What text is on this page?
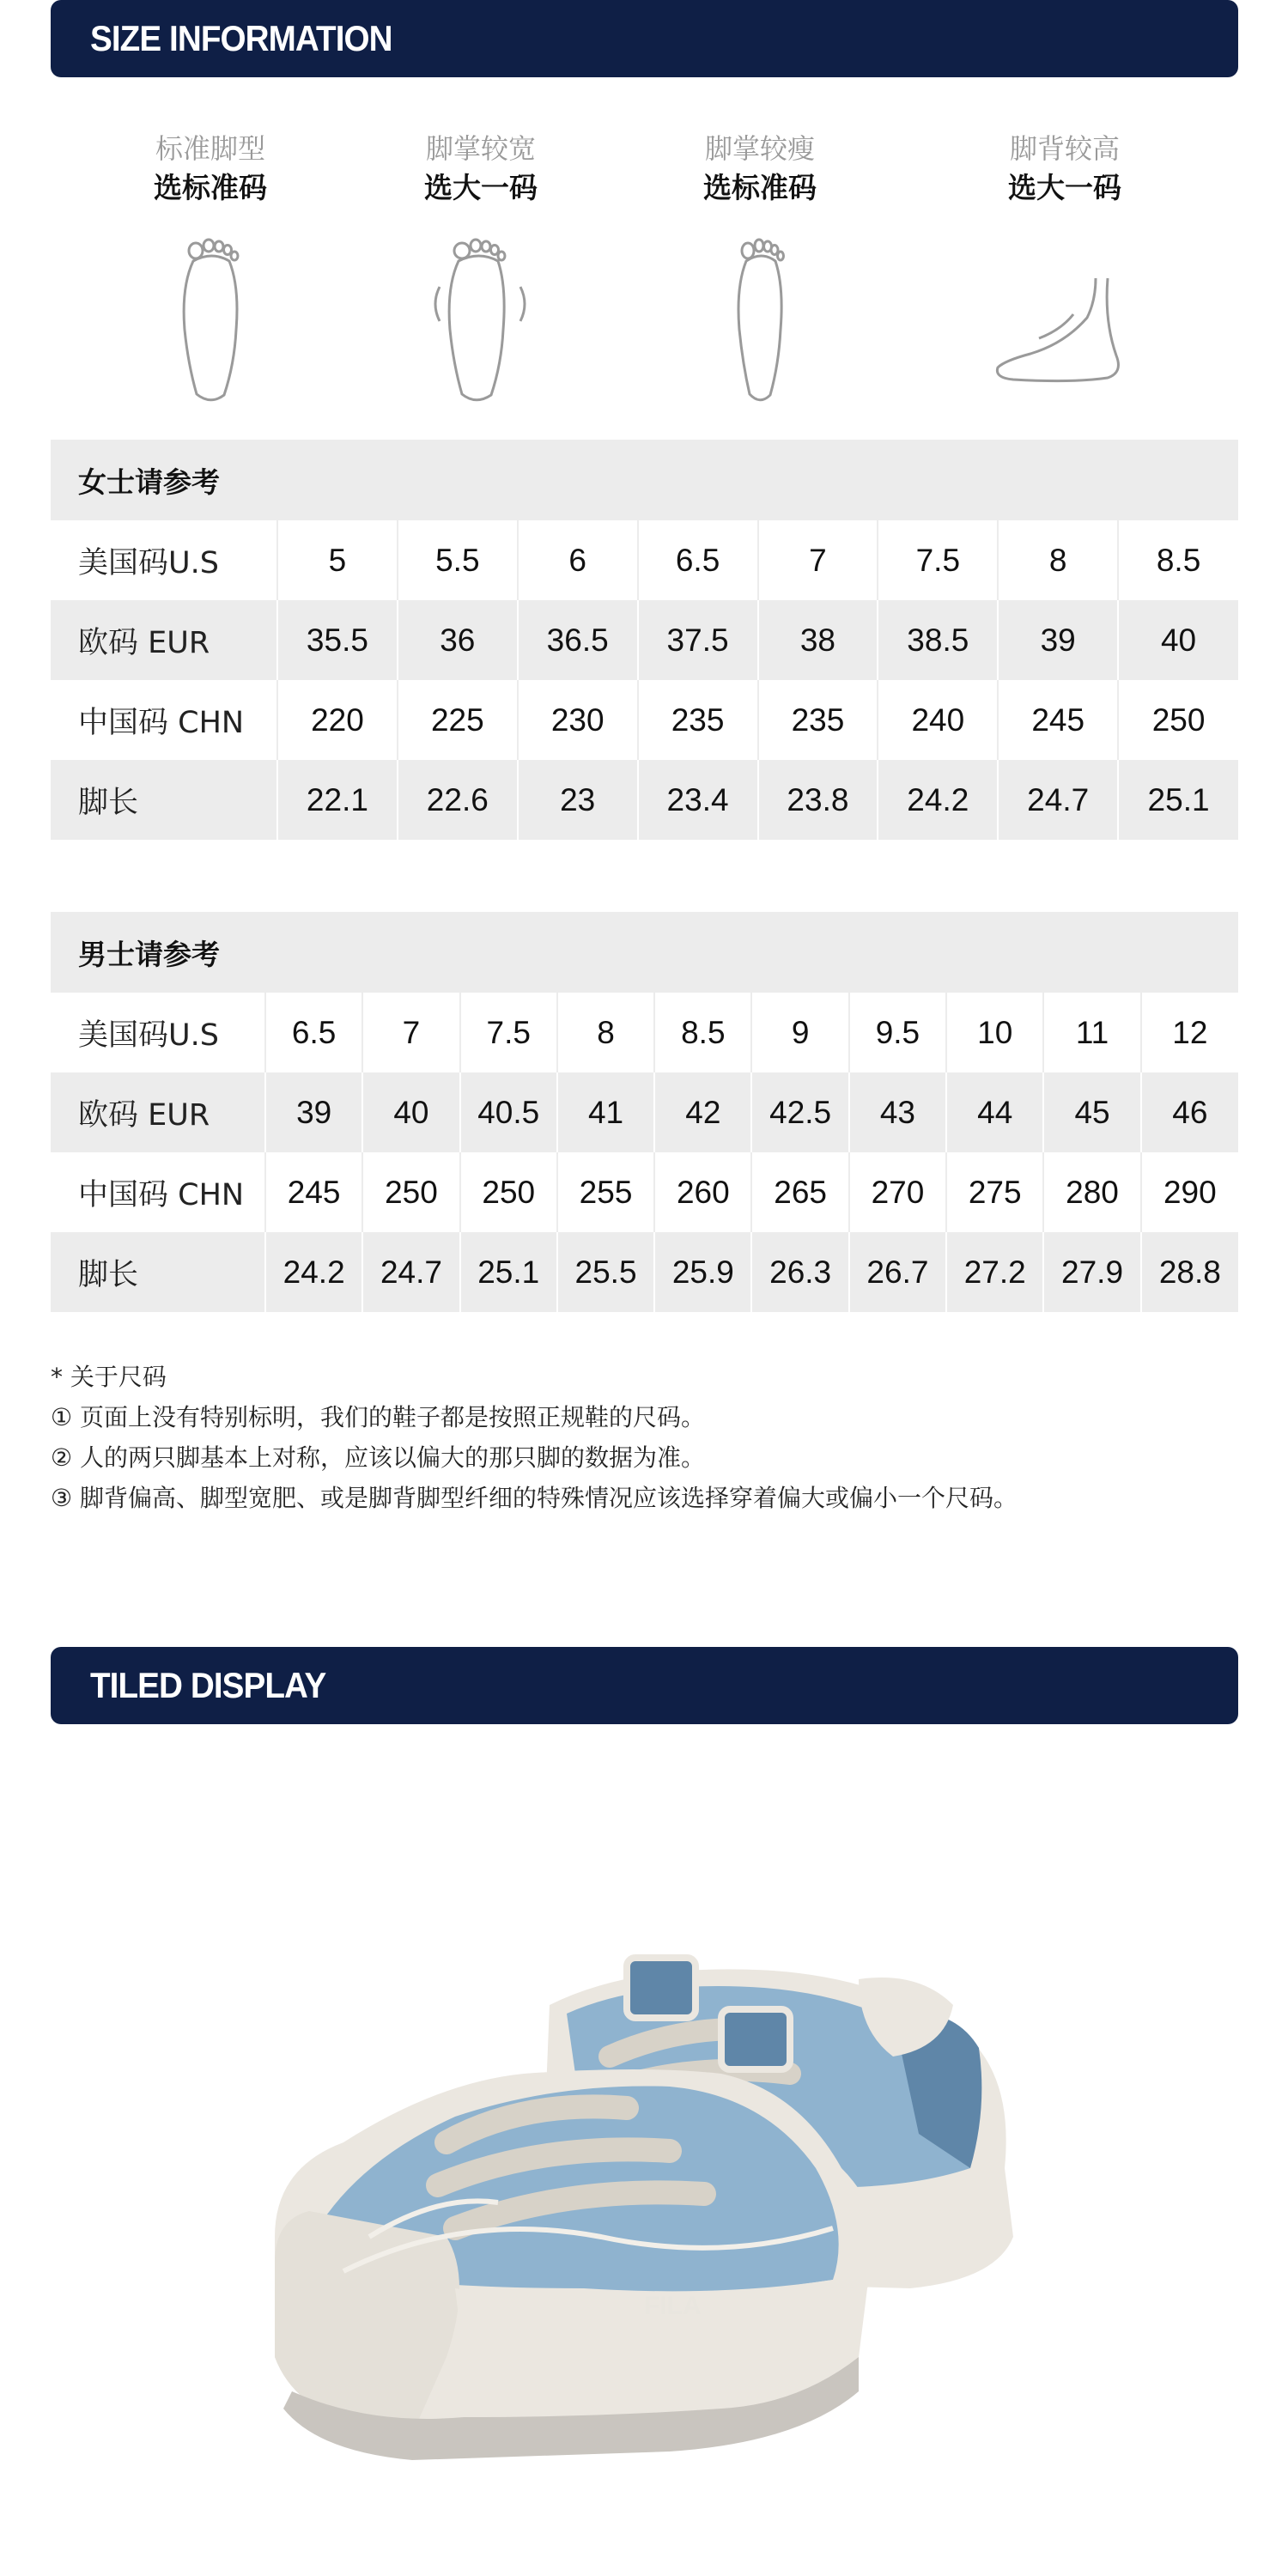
SIZE INFORMATION
标准脚型
选标准码
脚掌较宽
选大一码
脚掌较瘦
选标准码
脚背较高
选大一码
女士请参考
美国码U.S	5	5.5	6	6.5	7	7.5	8	8.5
欧码 EUR	35.5	36	36.5	37.5	38	38.5	39	40
中国码 CHN	220	225	230	235	235	240	245	250
脚长	22.1	22.6	23	23.4	23.8	24.2	24.7	25.1
男士请参考
美国码U.S	6.5	7	7.5	8	8.5	9	9.5	10	11	12
欧码 EUR	39	40	40.5	41	42	42.5	43	44	45	46
中国码 CHN	245	250	250	255	260	265	270	275	280	290
脚长	24.2	24.7	25.1	25.5	25.9	26.3	26.7	27.2	27.9	28.8
* 关于尺码
① 页面上没有特别标明，我们的鞋子都是按照正规鞋的尺码。
② 人的两只脚基本上对称，应该以偏大的那只脚的数据为准。
③ 脚背偏高、脚型宽肥、或是脚背脚型纤细的特殊情况应该选择穿着偏大或偏小一个尺码。
TILED DISPLAY
FILA
